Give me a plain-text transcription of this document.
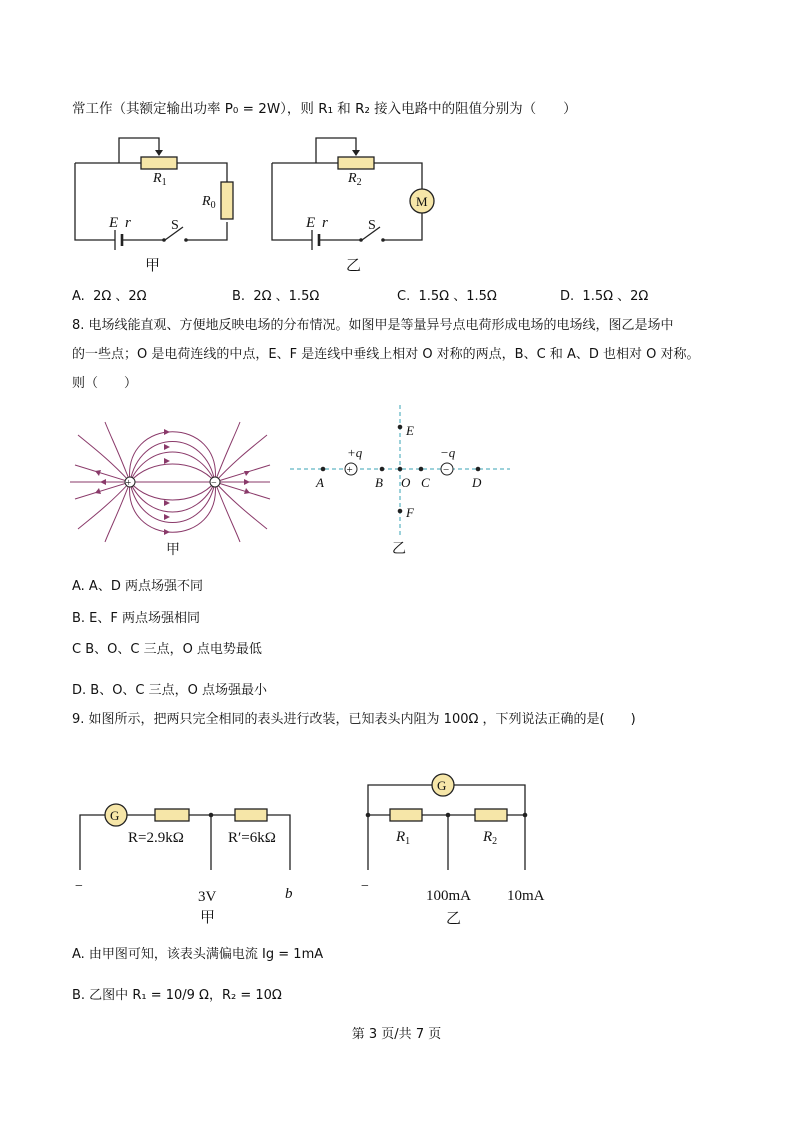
常工作（其额定输出功率 P₀ = 2W），则 R₁ 和 R₂ 接入电路中的阻值分别为（　　）
$R_1$
$R_0$
E r	S
甲
M
$R_2$
E r	S
乙
A. 2Ω 、2Ω	B. 2Ω 、1.5Ω	C. 1.5Ω 、1.5Ω	D. 1.5Ω 、2Ω
8. 电场线能直观、方便地反映电场的分布情况。如图甲是等量异号点电荷形成电场的电场线，图乙是场中
的一些点；O 是电荷连线的中点，E、F 是连线中垂线上相对 O 对称的两点，B、C 和 A、D 也相对 O 对称。
则（　　）
+	−
甲
+	−
+q	−q
A	B O C	D
E
F
乙
A. A、D 两点场强不同
B. E、F 两点场强相同
C B、O、C 三点，O 点电势最低
D. B、O、C 三点，O 点场强最小
9. 如图所示，把两只完全相同的表头进行改装，已知表头内阻为 100Ω ，下列说法正确的是(　　)
G
R=2.9kΩ	R′=6kΩ
−
3V	b
甲
G
$R_1$	$R_2$
−
100mA 10mA
乙
A. 由甲图可知，该表头满偏电流 Ig = 1mA
B. 乙图中 R₁ = 10/9 Ω，R₂ = 10Ω
第 3 页/共 7 页
